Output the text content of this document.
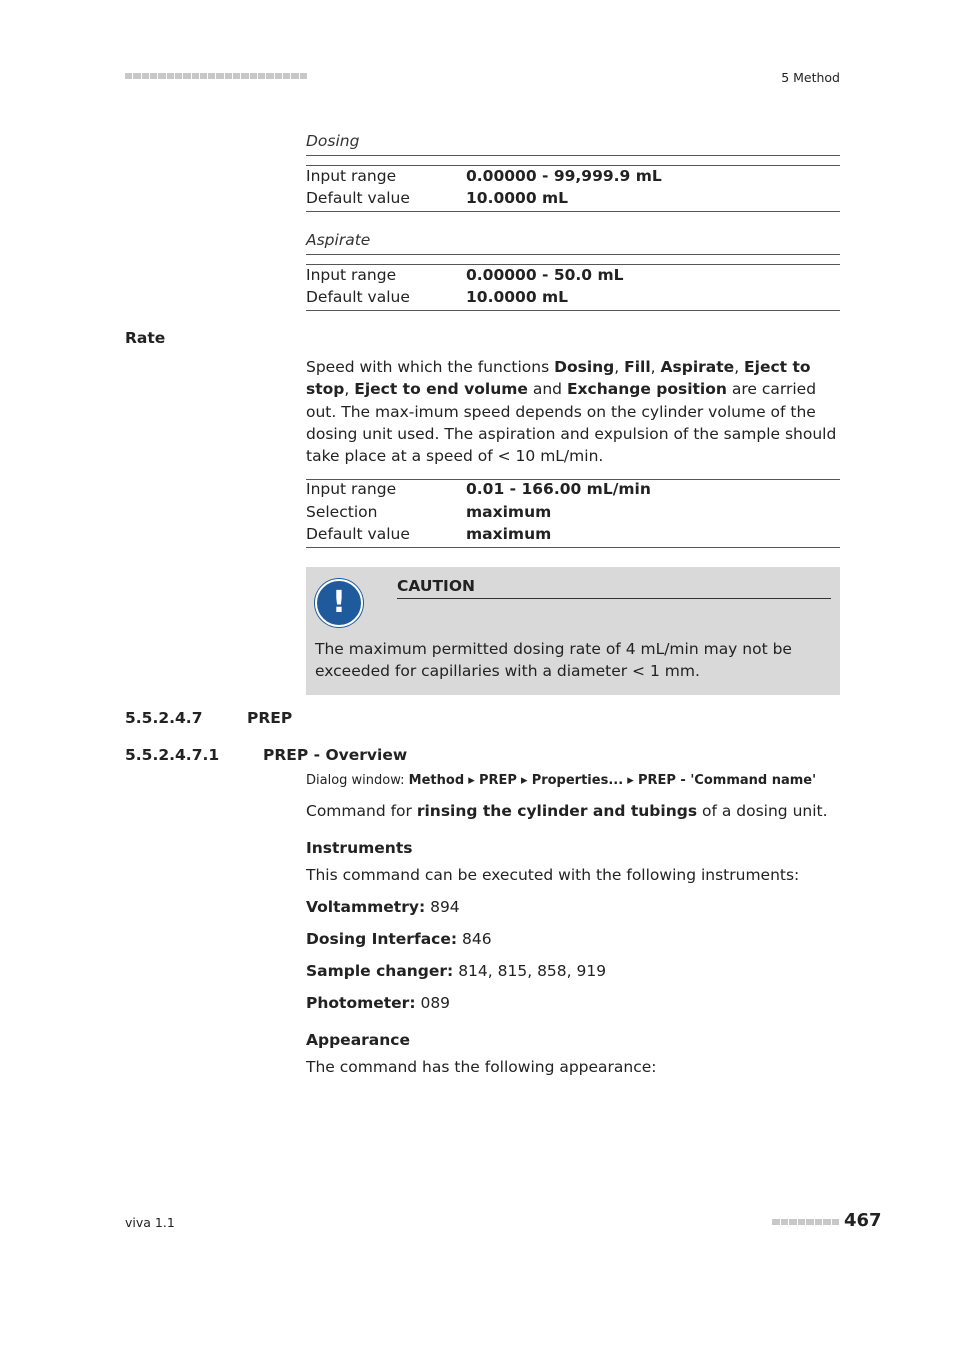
5 Method
Dosing
Input range	0.00000 - 99,999.9 mL
Default value	10.0000 mL
Aspirate
Input range	0.00000 - 50.0 mL
Default value	10.0000 mL
Rate
Speed with which the functions Dosing, Fill, Aspirate, Eject to stop, Eject to end volume and Exchange position are carried out. The max-imum speed depends on the cylinder volume of the dosing unit used. The aspiration and expulsion of the sample should take place at a speed of < 10 mL/min.
Input range	0.01 - 166.00 mL/min
Selection	maximum
Default value	maximum
!	CAUTION
The maximum permitted dosing rate of 4 mL/min may not be exceeded for capillaries with a diameter < 1 mm.
5.5.2.4.7	PREP
5.5.2.4.7.1	PREP - Overview
Dialog window: Method ▸ PREP ▸ Properties... ▸ PREP - 'Command name'
Command for rinsing the cylinder and tubings of a dosing unit.
Instruments
This command can be executed with the following instruments:
Voltammetry: 894
Dosing Interface: 846
Sample changer: 814, 815, 858, 919
Photometer: 089
Appearance
The command has the following appearance:
viva 1.1	467
